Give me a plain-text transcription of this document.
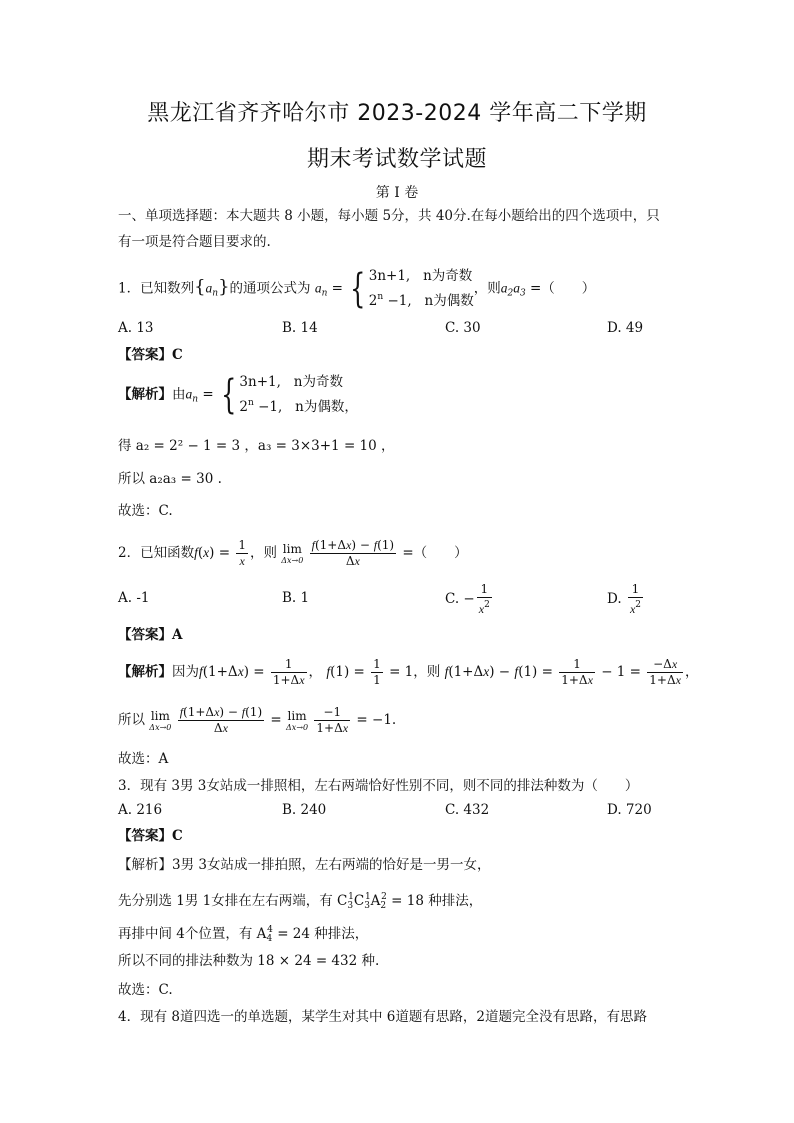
黑龙江省齐齐哈尔市 2023-2024 学年高二下学期
期末考试数学试题
第 I 卷
一、单项选择题：本大题共 8 小题，每小题 5分，共 40分.在每小题给出的四个选项中，只
有一项是符合题目要求的.
1．已知数列$\{a_n\}$的通项公式为 $a_n$ = { 3n+1, n为奇数
$2^n -1$, n为偶数
，则$a_2a_3$ =（　　）
A. 13	B. 14	C. 30	D. 49
【答案】C
【解析】由$a_n$ = { 3n+1, n为奇数
$2^n -1$, n为偶数，
得 a₂ = 2² − 1 = 3 ，a₃ = 3×3+1 = 10 ，
所以 a₂a₃ = 30 .
故选：C.
2．已知函数$f(x) = \frac{1}{x}$ ，则 lim
Δx→0
$\frac{f(1+\Delta x) - f(1)}{\Delta x}$ =（　　）
A. -1	B. 1	C. − $\frac{1}{x^2}$	D. $\frac{1}{x^2}$
【答案】A
【解析】因为$f(1+\Delta x) = \frac{1}{1+\Delta x}$ ， $f(1) = \frac{1}{1} = 1$，则 $f(1+\Delta x) - f(1) = \frac{1}{1+\Delta x} - 1 = \frac{-\Delta x}{1+\Delta x}$ ，
所以 lim
Δx→0
$\frac{f(1+\Delta x) - f(1)}{\Delta x} = \lim$
Δx→0
$\frac{-1}{1+\Delta x} = -1$.
故选：A
3．现有 3男 3女站成一排照相，左右两端恰好性别不同，则不同的排法种数为（　　）
A. 216	B. 240	C. 432	D. 720
【答案】C
【解析】3男 3女站成一排拍照，左右两端的恰好是一男一女，
先分别选 1男 1女排在左右两端，有 $C_3^1C_3^1A_2^2 = 18$ 种排法，
再排中间 4个位置，有 $A_4^4 = 24$ 种排法，
所以不同的排法种数为 18 × 24 = 432 种.
故选：C.
4．现有 8道四选一的单选题，某学生对其中 6道题有思路，2道题完全没有思路，有思路
